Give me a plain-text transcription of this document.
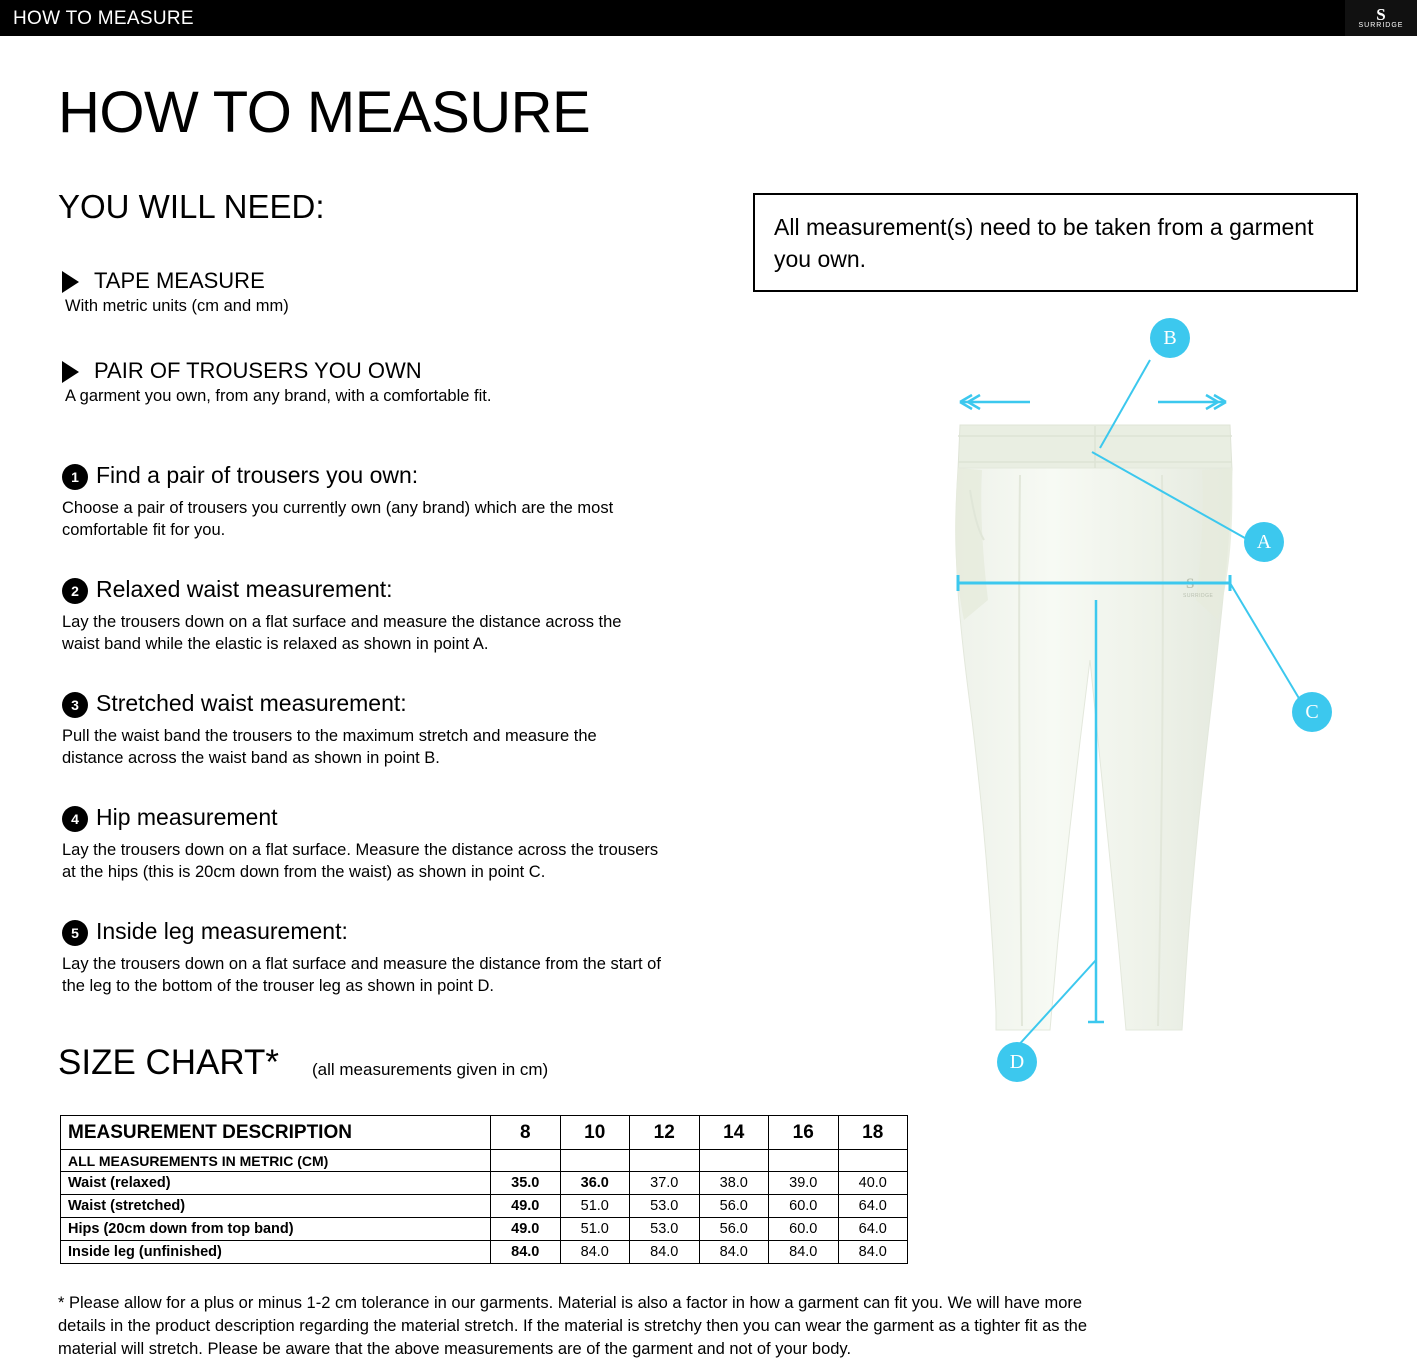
HOW TO MEASURE	S
SURRIDGE
HOW TO MEASURE
YOU WILL NEED:
TAPE MEASURE
With metric units (cm and mm)
PAIR OF TROUSERS YOU OWN
A garment you own, from any brand, with a comfortable fit.
1 Find a pair of trousers you own:
Choose a pair of trousers you currently own (any brand) which are the most comfortable fit for you.
2 Relaxed waist measurement:
Lay the trousers down on a flat surface and measure the distance across the waist band while the elastic is relaxed as shown in point A.
3 Stretched waist measurement:
Pull the waist band the trousers to the maximum stretch and measure the distance across the waist band as shown in point B.
4 Hip measurement
Lay the trousers down on a flat surface. Measure the distance across the trousers at the hips (this is 20cm down from the waist) as shown in point C.
5 Inside leg measurement:
Lay the trousers down on a flat surface and measure the distance from the start of the leg to the bottom of the trouser leg as shown in point D.
All measurement(s) need to be taken from a garment you own.
S
SURRIDGE
A
B
C
D
SIZE CHART* (all measurements given in cm)
MEASUREMENT DESCRIPTION	8	10	12	14	16	18
ALL MEASUREMENTS IN METRIC (CM)						
Waist (relaxed)	35.0	36.0	37.0	38.0	39.0	40.0
Waist (stretched)	49.0	51.0	53.0	56.0	60.0	64.0
Hips (20cm down from top band)	49.0	51.0	53.0	56.0	60.0	64.0
Inside leg (unfinished)	84.0	84.0	84.0	84.0	84.0	84.0
* Please allow for a plus or minus 1-2 cm tolerance in our garments. Material is also a factor in how a garment can fit you. We will have more details in the product description regarding the material stretch. If the material is stretchy then you can wear the garment as a tighter fit as the material will stretch. Please be aware that the above measurements are of the garment and not of your body.
